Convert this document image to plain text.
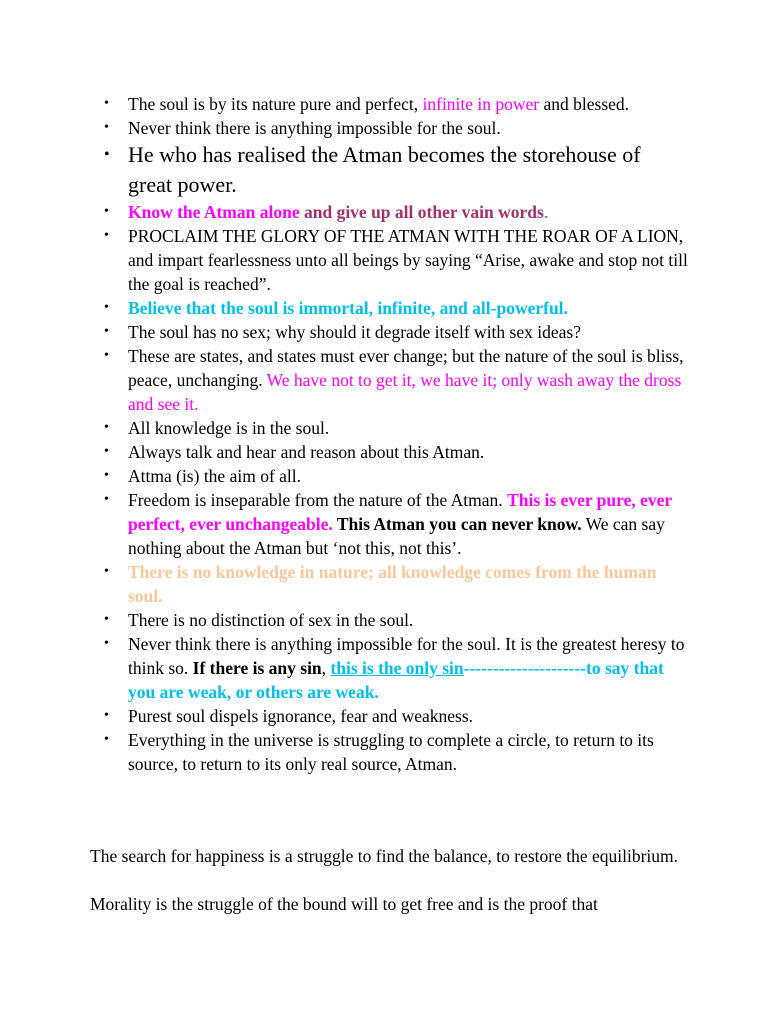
• The soul is by its nature pure and perfect, infinite in power and blessed.
• Never think there is anything impossible for the soul.
• He who has realised the Atman becomes the storehouse of great power.
• Know the Atman alone and give up all other vain words.
• PROCLAIM THE GLORY OF THE ATMAN WITH THE ROAR OF A LION, and impart fearlessness unto all beings by saying “Arise, awake and stop not till the goal is reached”.
• Believe that the soul is immortal, infinite, and all-powerful.
• The soul has no sex; why should it degrade itself with sex ideas?
• These are states, and states must ever change; but the nature of the soul is bliss, peace, unchanging. We have not to get it, we have it; only wash away the dross and see it.
• All knowledge is in the soul.
• Always talk and hear and reason about this Atman.
• Attma (is) the aim of all.
• Freedom is inseparable from the nature of the Atman. This is ever pure, ever perfect, ever unchangeable. This Atman you can never know. We can say nothing about the Atman but ‘not this, not this’.
• There is no knowledge in nature; all knowledge comes from the human soul.
• There is no distinction of sex in the soul.
• Never think there is anything impossible for the soul. It is the greatest heresy to think so. If there is any sin, this is the only sin---------------------to say that you are weak, or others are weak.
• Purest soul dispels ignorance, fear and weakness.
• Everything in the universe is struggling to complete a circle, to return to its source, to return to its only real source, Atman.
The search for happiness is a struggle to find the balance, to restore the equilibrium.
Morality is the struggle of the bound will to get free and is the proof that
